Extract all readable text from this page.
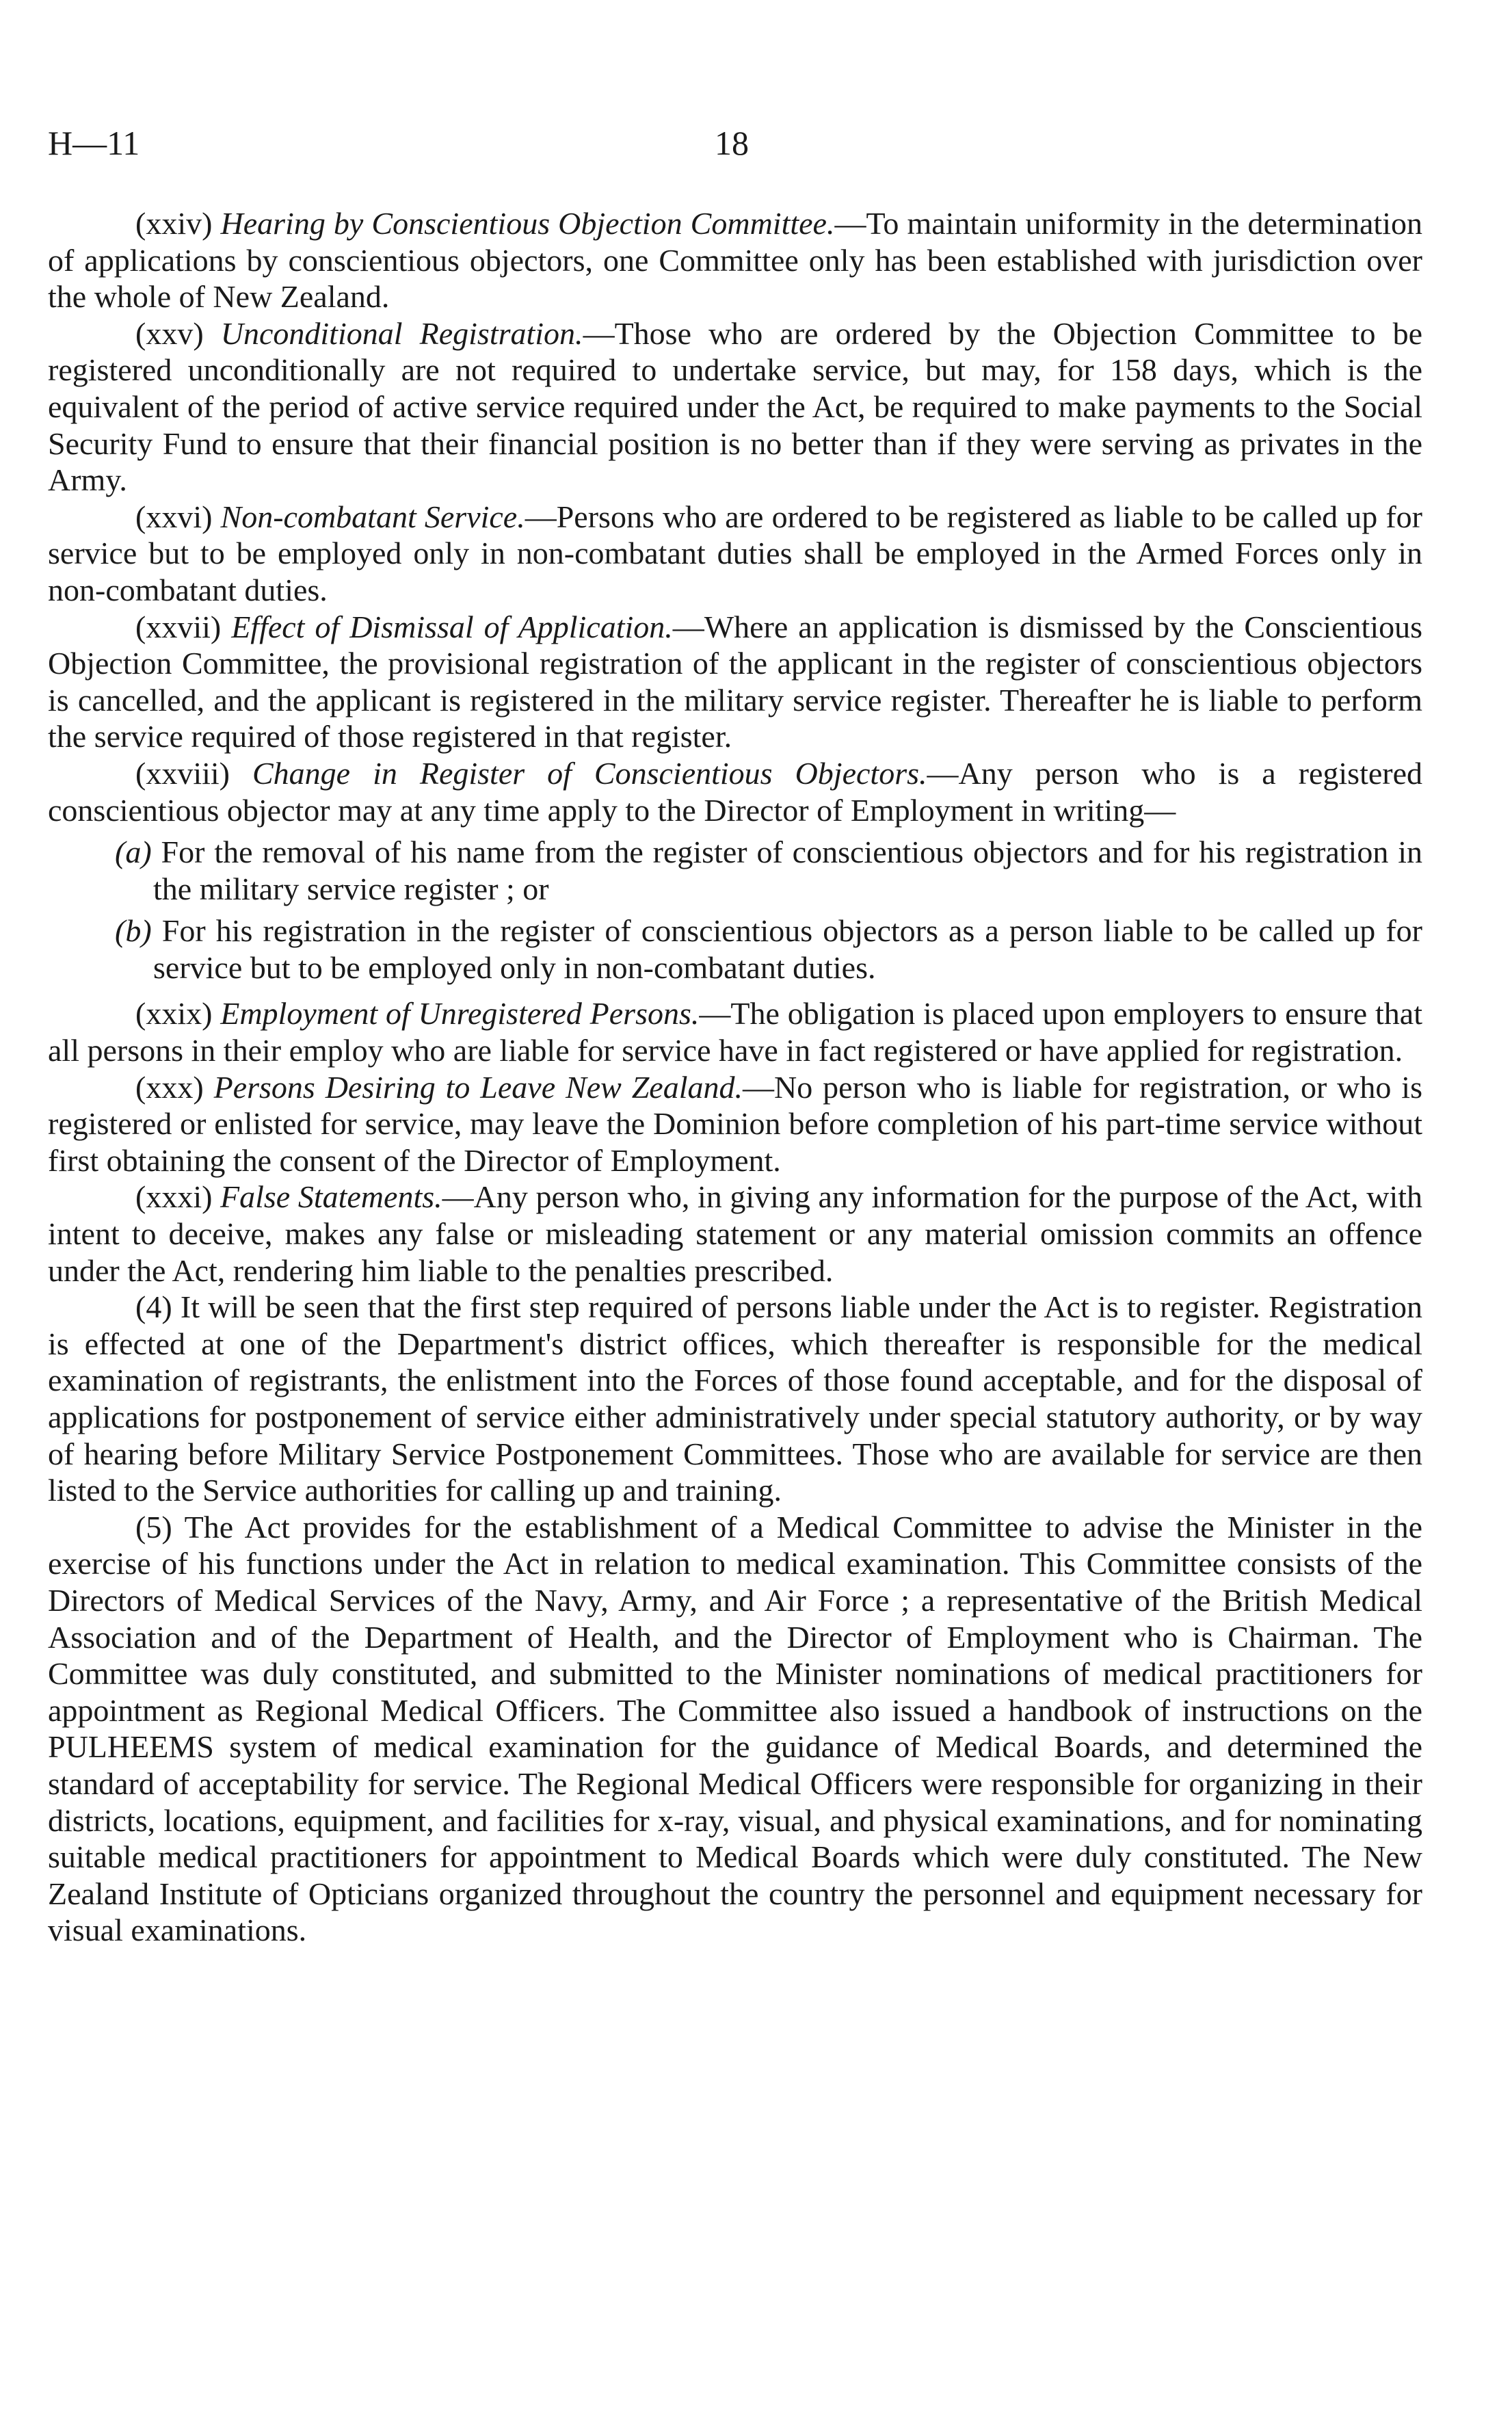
H—11	18

(xxiv) Hearing by Conscientious Objection Committee.—To maintain uniformity in the determination of applications by conscientious objectors, one Committee only has been established with jurisdiction over the whole of New Zealand.

(xxv) Unconditional Registration.—Those who are ordered by the Objection Committee to be registered unconditionally are not required to undertake service, but may, for 158 days, which is the equivalent of the period of active service required under the Act, be required to make payments to the Social Security Fund to ensure that their financial position is no better than if they were serving as privates in the Army.

(xxvi) Non-combatant Service.—Persons who are ordered to be registered as liable to be called up for service but to be employed only in non-combatant duties shall be employed in the Armed Forces only in non-combatant duties.

(xxvii) Effect of Dismissal of Application.—Where an application is dismissed by the Conscientious Objection Committee, the provisional registration of the applicant in the register of conscientious objectors is cancelled, and the applicant is registered in the military service register. Thereafter he is liable to perform the service required of those registered in that register.

(xxviii) Change in Register of Conscientious Objectors.—Any person who is a registered conscientious objector may at any time apply to the Director of Employment in writing—

(a) For the removal of his name from the register of conscientious objectors and for his registration in the military service register ; or

(b) For his registration in the register of conscientious objectors as a person liable to be called up for service but to be employed only in non-combatant duties.

(xxix) Employment of Unregistered Persons.—The obligation is placed upon employers to ensure that all persons in their employ who are liable for service have in fact registered or have applied for registration.

(xxx) Persons Desiring to Leave New Zealand.—No person who is liable for registration, or who is registered or enlisted for service, may leave the Dominion before completion of his part-time service without first obtaining the consent of the Director of Employment.

(xxxi) False Statements.—Any person who, in giving any information for the purpose of the Act, with intent to deceive, makes any false or misleading statement or any material omission commits an offence under the Act, rendering him liable to the penalties prescribed.

(4) It will be seen that the first step required of persons liable under the Act is to register. Registration is effected at one of the Department's district offices, which thereafter is responsible for the medical examination of registrants, the enlistment into the Forces of those found acceptable, and for the disposal of applications for postponement of service either administratively under special statutory authority, or by way of hearing before Military Service Postponement Committees. Those who are available for service are then listed to the Service authorities for calling up and training.

(5) The Act provides for the establishment of a Medical Committee to advise the Minister in the exercise of his functions under the Act in relation to medical examination. This Committee consists of the Directors of Medical Services of the Navy, Army, and Air Force ; a representative of the British Medical Association and of the Department of Health, and the Director of Employment who is Chairman. The Committee was duly constituted, and submitted to the Minister nominations of medical practitioners for appointment as Regional Medical Officers. The Committee also issued a handbook of instructions on the PULHEEMS system of medical examination for the guidance of Medical Boards, and determined the standard of acceptability for service. The Regional Medical Officers were responsible for organizing in their districts, locations, equipment, and facilities for x-ray, visual, and physical examinations, and for nominating suitable medical practitioners for appointment to Medical Boards which were duly constituted. The New Zealand Institute of Opticians organized throughout the country the personnel and equipment necessary for visual examinations.
